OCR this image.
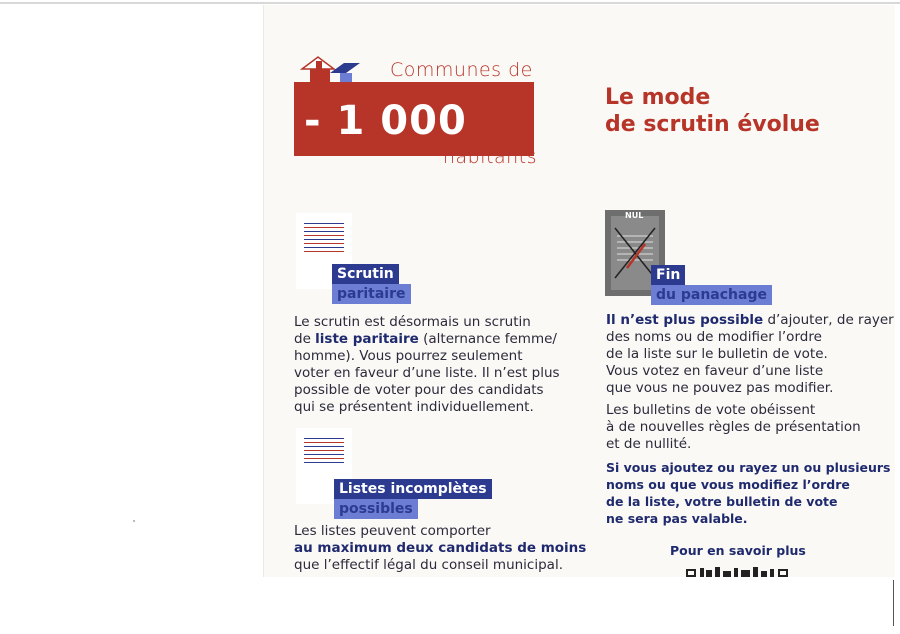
Communes de
- 1 000
habitants
Le mode
de scrutin évolue
Scrutin
paritaire
Le scrutin est désormais un scrutin
de liste paritaire (alternance femme/
homme). Vous pourrez seulement
voter en faveur d’une liste. Il n’est plus
possible de voter pour des candidats
qui se présentent individuellement.
Listes incomplètes
possibles
Les listes peuvent comporter
au maximum deux candidats de moins
que l’effectif légal du conseil municipal.
NUL
Fin
du panachage
Il n’est plus possible d’ajouter, de rayer
des noms ou de modifier l’ordre
de la liste sur le bulletin de vote.
Vous votez en faveur d’une liste
que vous ne pouvez pas modifier.
Les bulletins de vote obéissent
à de nouvelles règles de présentation
et de nullité.
Si vous ajoutez ou rayez un ou plusieurs
noms ou que vous modifiez l’ordre
de la liste, votre bulletin de vote
ne sera pas valable.
Pour en savoir plus
